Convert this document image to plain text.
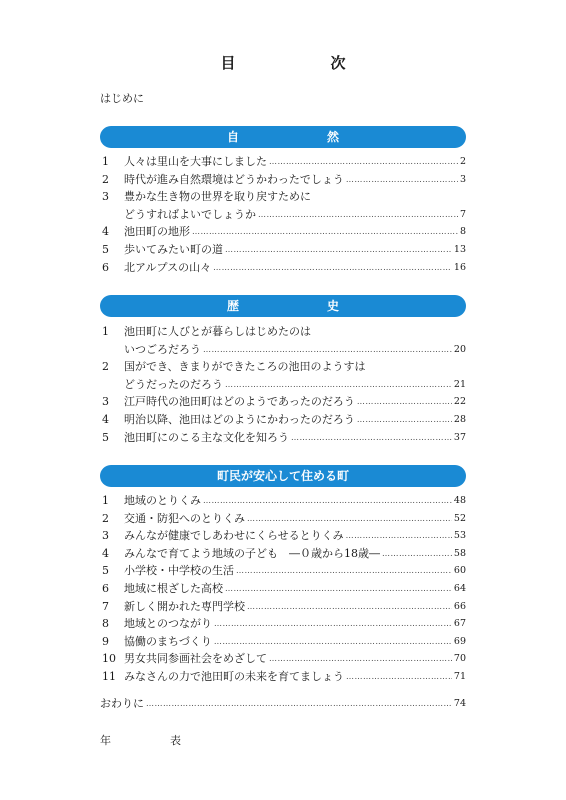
目　次
はじめに
自　然
1	人々は里山を大事にしました …………………………………………………………………………………………………………………………………………………………………………	2
2	時代が進み自然環境はどうかわったでしょう …………………………………………………………………………………………………………………………………………………………………………	3
3	豊かな生き物の世界を取り戻すために
どうすればよいでしょうか …………………………………………………………………………………………………………………………………………………………………………	7
4	池田町の地形 …………………………………………………………………………………………………………………………………………………………………………	8
5	歩いてみたい町の道 …………………………………………………………………………………………………………………………………………………………………………	13
6	北アルプスの山々 …………………………………………………………………………………………………………………………………………………………………………	16
歴　史
1	池田町に人びとが暮らしはじめたのは
いつごろだろう …………………………………………………………………………………………………………………………………………………………………………	20
2	国ができ、きまりができたころの池田のようすは
どうだったのだろう …………………………………………………………………………………………………………………………………………………………………………	21
3	江戸時代の池田町はどのようであったのだろう …………………………………………………………………………………………………………………………………………………………………………	22
4	明治以降、池田はどのようにかわったのだろう …………………………………………………………………………………………………………………………………………………………………………	28
5	池田町にのこる主な文化を知ろう …………………………………………………………………………………………………………………………………………………………………………	37
町民が安心して住める町
1	地域のとりくみ …………………………………………………………………………………………………………………………………………………………………………	48
2	交通・防犯へのとりくみ …………………………………………………………………………………………………………………………………………………………………………	52
3	みんなが健康でしあわせにくらせるとりくみ …………………………………………………………………………………………………………………………………………………………………………	53
4	みんなで育てよう地域の子ども　―０歳から18歳― …………………………………………………………………………………………………………………………………………………………………………	58
5	小学校・中学校の生活 …………………………………………………………………………………………………………………………………………………………………………	60
6	地域に根ざした高校 …………………………………………………………………………………………………………………………………………………………………………	64
7	新しく開かれた専門学校 …………………………………………………………………………………………………………………………………………………………………………	66
8	地域とのつながり …………………………………………………………………………………………………………………………………………………………………………	67
9	協働のまちづくり …………………………………………………………………………………………………………………………………………………………………………	69
10 男女共同参画社会をめざして …………………………………………………………………………………………………………………………………………………………………………	70
11 みなさんの力で池田町の未来を育てましょう …………………………………………………………………………………………………………………………………………………………………………	71
おわりに …………………………………………………………………………………………………………………………………………………………………………	74
年　表
